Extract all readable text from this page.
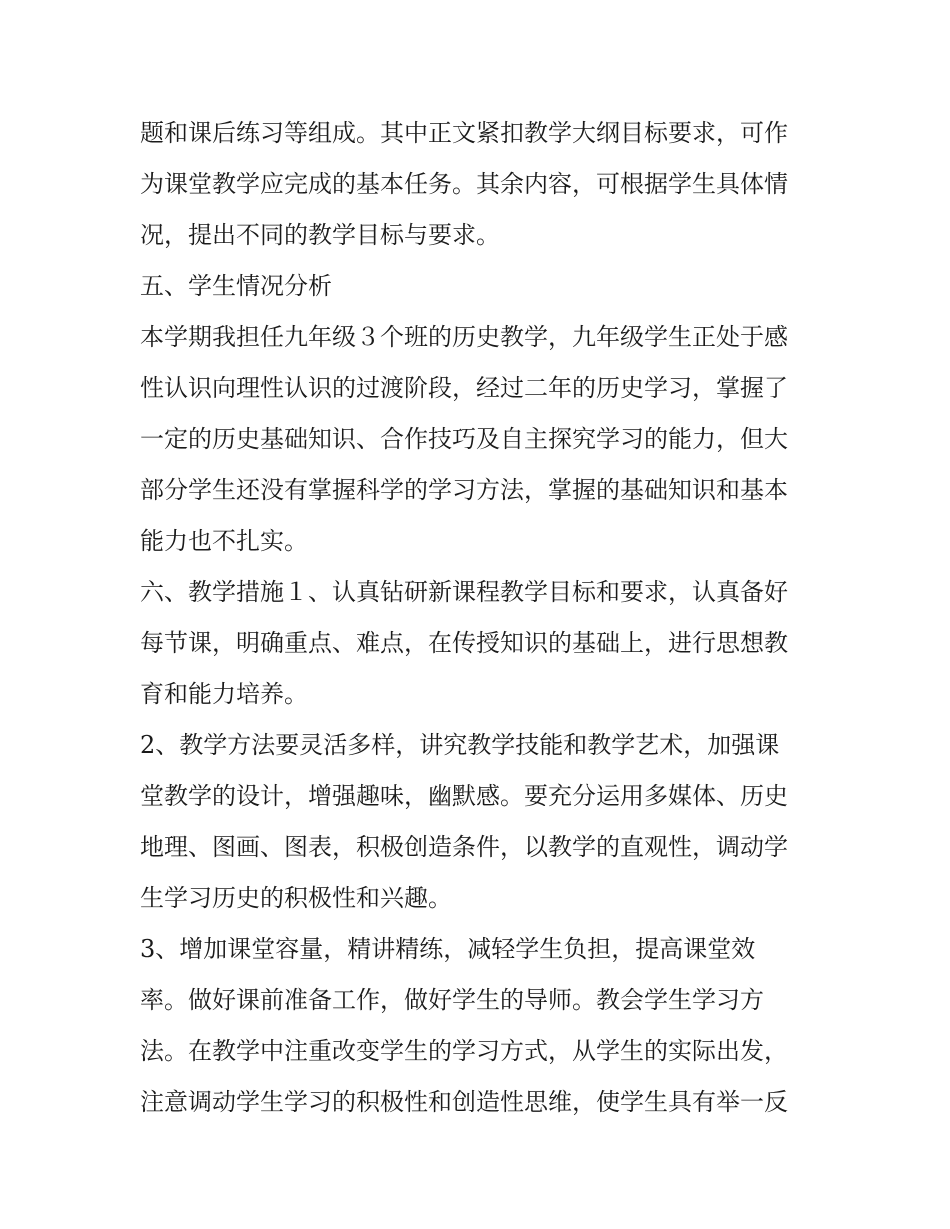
题和课后练习等组成。其中正文紧扣教学大纲目标要求，可作
为课堂教学应完成的基本任务。其余内容，可根据学生具体情
况，提出不同的教学目标与要求。

五、学生情况分析

本学期我担任九年级３个班的历史教学，九年级学生正处于感
性认识向理性认识的过渡阶段，经过二年的历史学习，掌握了
一定的历史基础知识、合作技巧及自主探究学习的能力，但大
部分学生还没有掌握科学的学习方法，掌握的基础知识和基本
能力也不扎实。

六、教学措施１、认真钻研新课程教学目标和要求，认真备好
每节课，明确重点、难点，在传授知识的基础上，进行思想教
育和能力培养。

2、教学方法要灵活多样，讲究教学技能和教学艺术，加强课
堂教学的设计，增强趣味，幽默感。要充分运用多媒体、历史
地理、图画、图表，积极创造条件，以教学的直观性，调动学
生学习历史的积极性和兴趣。

3、增加课堂容量，精讲精练，减轻学生负担，提高课堂效
率。做好课前准备工作，做好学生的导师。教会学生学习方
法。在教学中注重改变学生的学习方式，从学生的实际出发，
注意调动学生学习的积极性和创造性思维，使学生具有举一反
